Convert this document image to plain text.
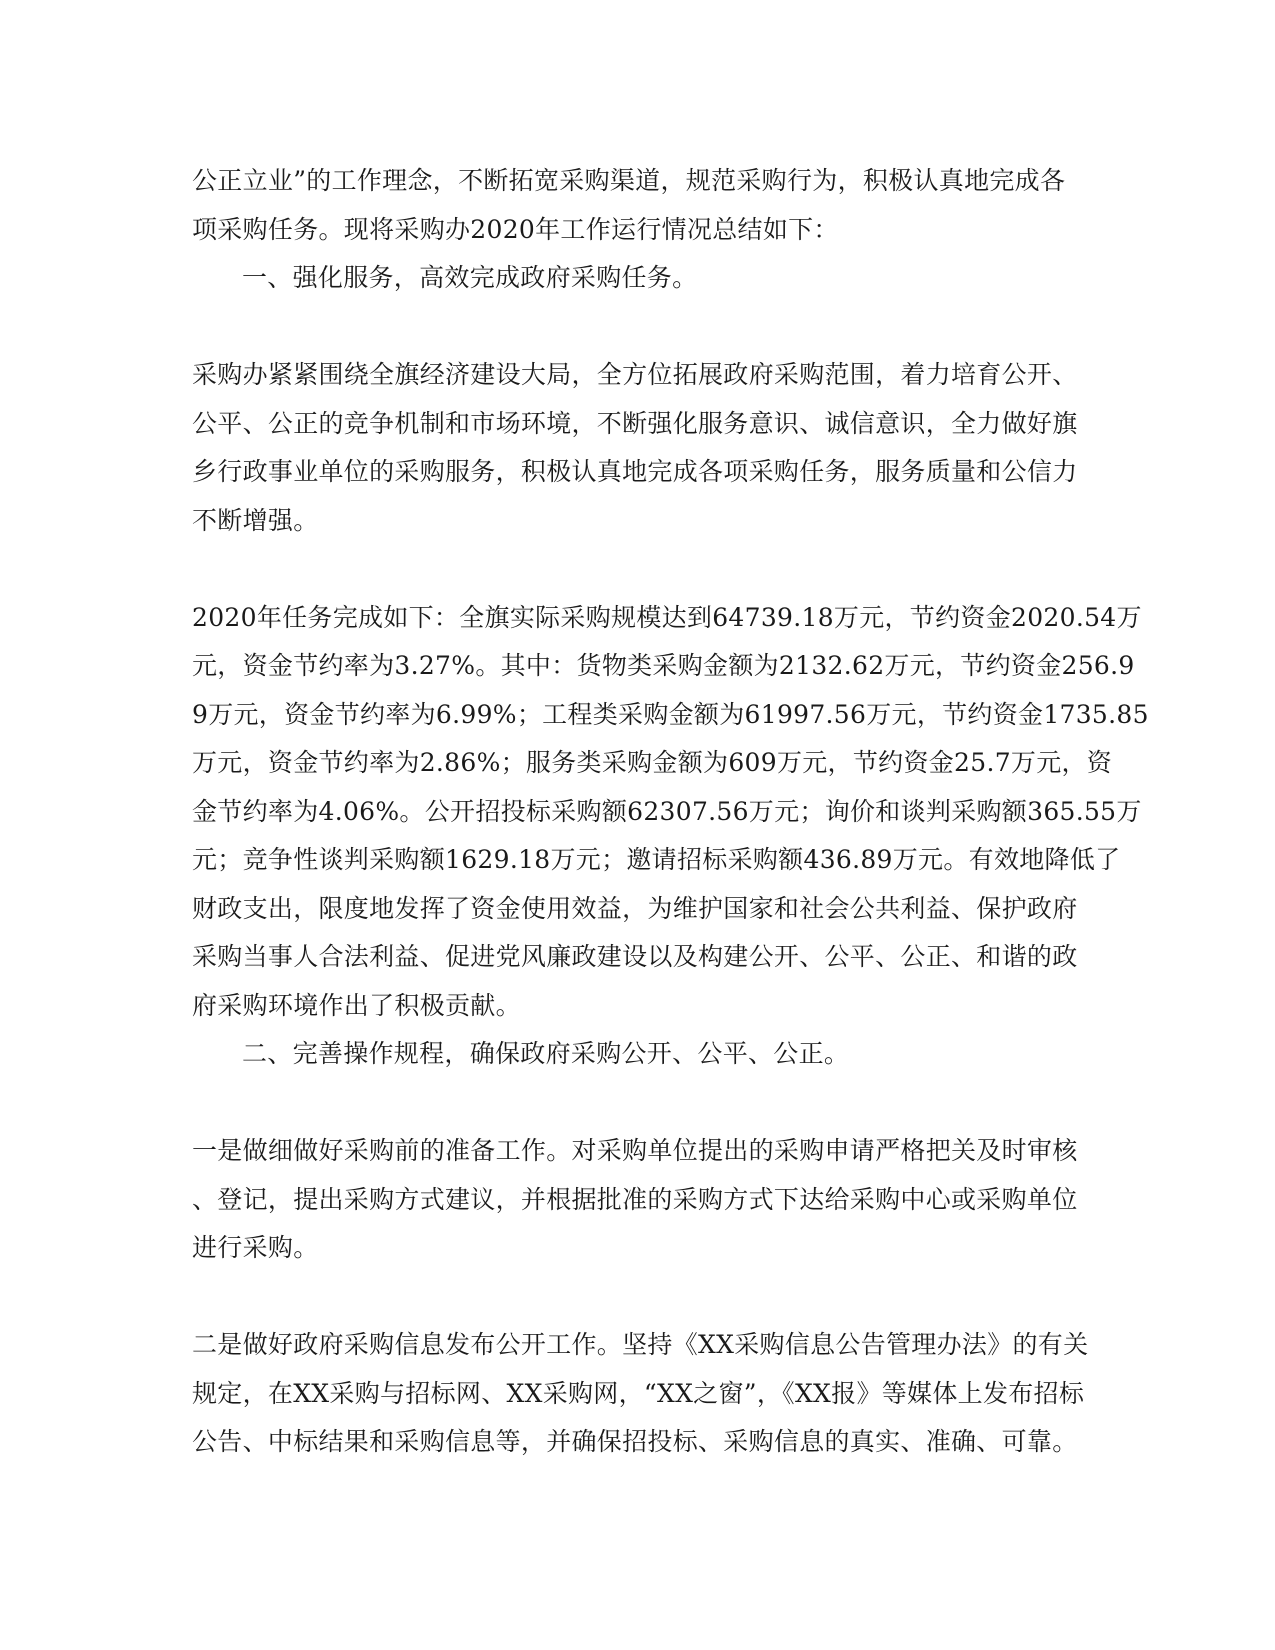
公正立业”的工作理念，不断拓宽采购渠道，规范采购行为，积极认真地完成各
项采购任务。现将采购办2020年工作运行情况总结如下：
一、强化服务，高效完成政府采购任务。
采购办紧紧围绕全旗经济建设大局，全方位拓展政府采购范围，着力培育公开、
公平、公正的竞争机制和市场环境，不断强化服务意识、诚信意识，全力做好旗
乡行政事业单位的采购服务，积极认真地完成各项采购任务，服务质量和公信力
不断增强。
2020年任务完成如下：全旗实际采购规模达到64739.18万元，节约资金2020.54万
元，资金节约率为3.27%。其中：货物类采购金额为2132.62万元，节约资金256.9
9万元，资金节约率为6.99%；工程类采购金额为61997.56万元，节约资金1735.85
万元，资金节约率为2.86%；服务类采购金额为609万元，节约资金25.7万元，资
金节约率为4.06%。公开招投标采购额62307.56万元；询价和谈判采购额365.55万
元；竞争性谈判采购额1629.18万元；邀请招标采购额436.89万元。有效地降低了
财政支出，限度地发挥了资金使用效益，为维护国家和社会公共利益、保护政府
采购当事人合法利益、促进党风廉政建设以及构建公开、公平、公正、和谐的政
府采购环境作出了积极贡献。
二、完善操作规程，确保政府采购公开、公平、公正。
一是做细做好采购前的准备工作。对采购单位提出的采购申请严格把关及时审核
、登记，提出采购方式建议，并根据批准的采购方式下达给采购中心或采购单位
进行采购。
二是做好政府采购信息发布公开工作。坚持《XX采购信息公告管理办法》的有关
规定，在XX采购与招标网、XX采购网，“XX之窗”，《XX报》等媒体上发布招标
公告、中标结果和采购信息等，并确保招投标、采购信息的真实、准确、可靠。
